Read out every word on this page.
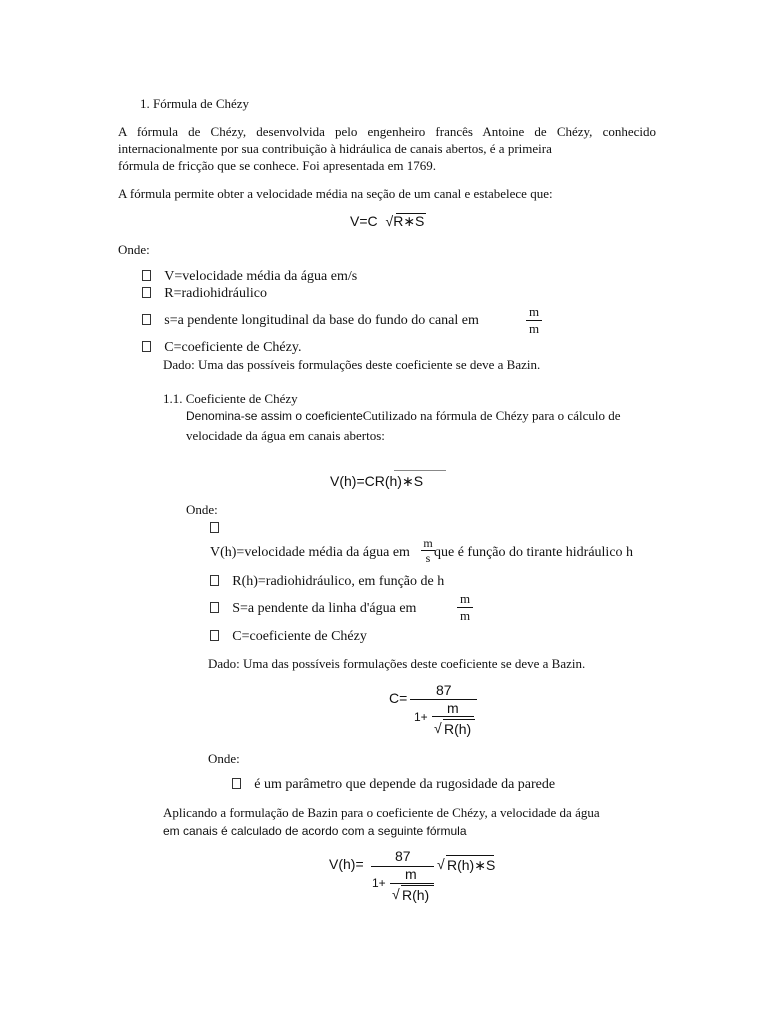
1. Fórmula de Chézy
A fórmula de Chézy, desenvolvida pelo engenheiro francês Antoine de Chézy, conhecido
internacionalmente por sua contribuição à hidráulica de canais abertos, é a primeira
fórmula de fricção que se conhece. Foi apresentada em 1769.
A fórmula permite obter a velocidade média na seção de um canal e estabelece que:
V=C √R∗S
Onde:
V=velocidade média da água em/s
R=radiohidráulico
s=a pendente longitudinal da base do fundo do canal em
m
m
C=coeficiente de Chézy.
Dado: Uma das possíveis formulações deste coeficiente se deve a Bazin.
1.1. Coeficiente de Chézy
Denomina-se assim o coeficienteCutilizado na fórmula de Chézy para o cálculo de
velocidade da água em canais abertos:
V(h)=CR(h)∗S
Onde:
V(h)=velocidade média da água em
m
s que é função do tirante hidráulico h
R(h)=radiohidráulico, em função de h
S=a pendente da linha d'água em
m
m
C=coeficiente de Chézy
Dado: Uma das possíveis formulações deste coeficiente se deve a Bazin.
C= 87
1+
m
√ R(h)
Onde:
é um parâmetro que depende da rugosidade da parede
Aplicando a formulação de Bazin para o coeficiente de Chézy, a velocidade da água
em canais é calculado de acordo com a seguinte fórmula
V(h)= 87
1+
m
√ R(h)
√ R(h)∗S
